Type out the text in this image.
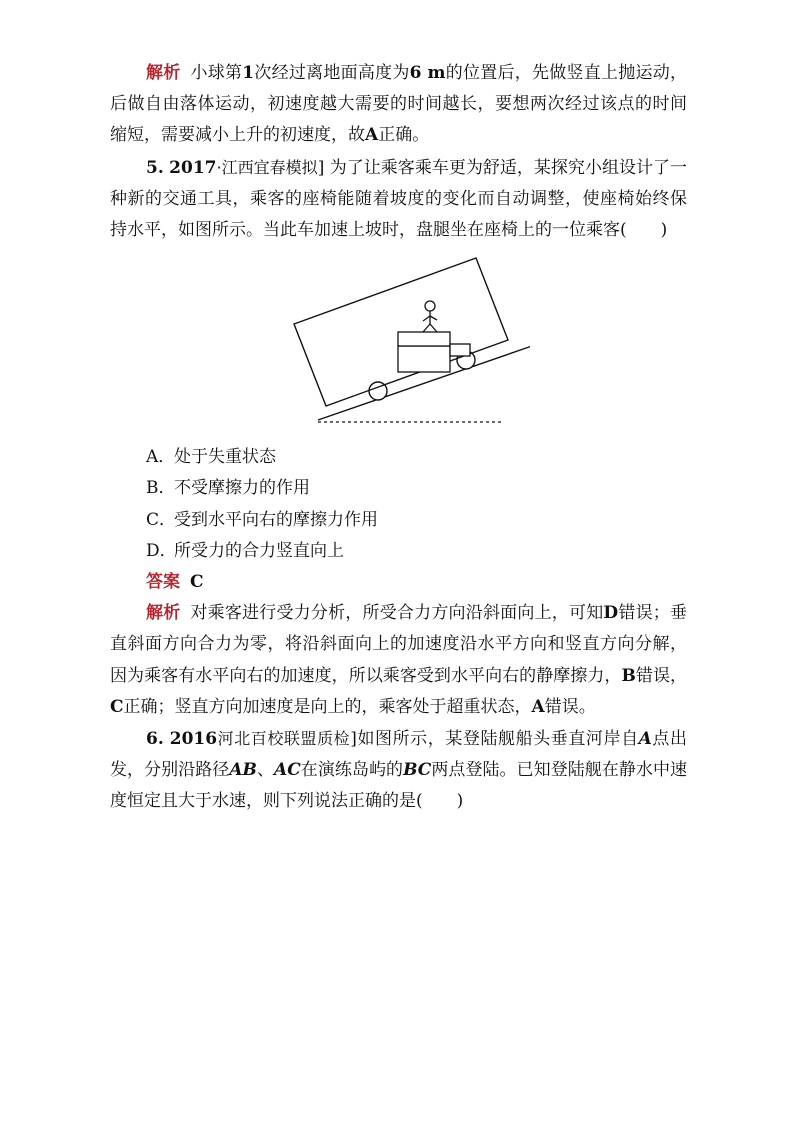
解析 小球第1次经过离地面高度为6 m的位置后，先做竖直上抛运动，后做自由落体运动，初速度越大需要的时间越长，要想两次经过该点的时间缩短，需要减小上升的初速度，故A正确。

5. 2017·江西宜春模拟] 为了让乘客乘车更为舒适，某探究小组设计了一种新的交通工具，乘客的座椅能随着坡度的变化而自动调整，使座椅始终保持水平，如图所示。当此车加速上坡时，盘腿坐在座椅上的一位乘客(　　)

A．处于失重状态

B．不受摩擦力的作用

C．受到水平向右的摩擦力作用

D．所受力的合力竖直向上

答案 C

解析 对乘客进行受力分析，所受合力方向沿斜面向上，可知D错误；垂直斜面方向合力为零，将沿斜面向上的加速度沿水平方向和竖直方向分解，因为乘客有水平向右的加速度，所以乘客受到水平向右的静摩擦力，B错误，C正确；竖直方向加速度是向上的，乘客处于超重状态，A错误。

6. 2016河北百校联盟质检]如图所示，某登陆舰船头垂直河岸自A点出发，分别沿路径AB、AC在演练岛屿的BC两点登陆。已知登陆舰在静水中速度恒定且大于水速，则下列说法正确的是(　　)
